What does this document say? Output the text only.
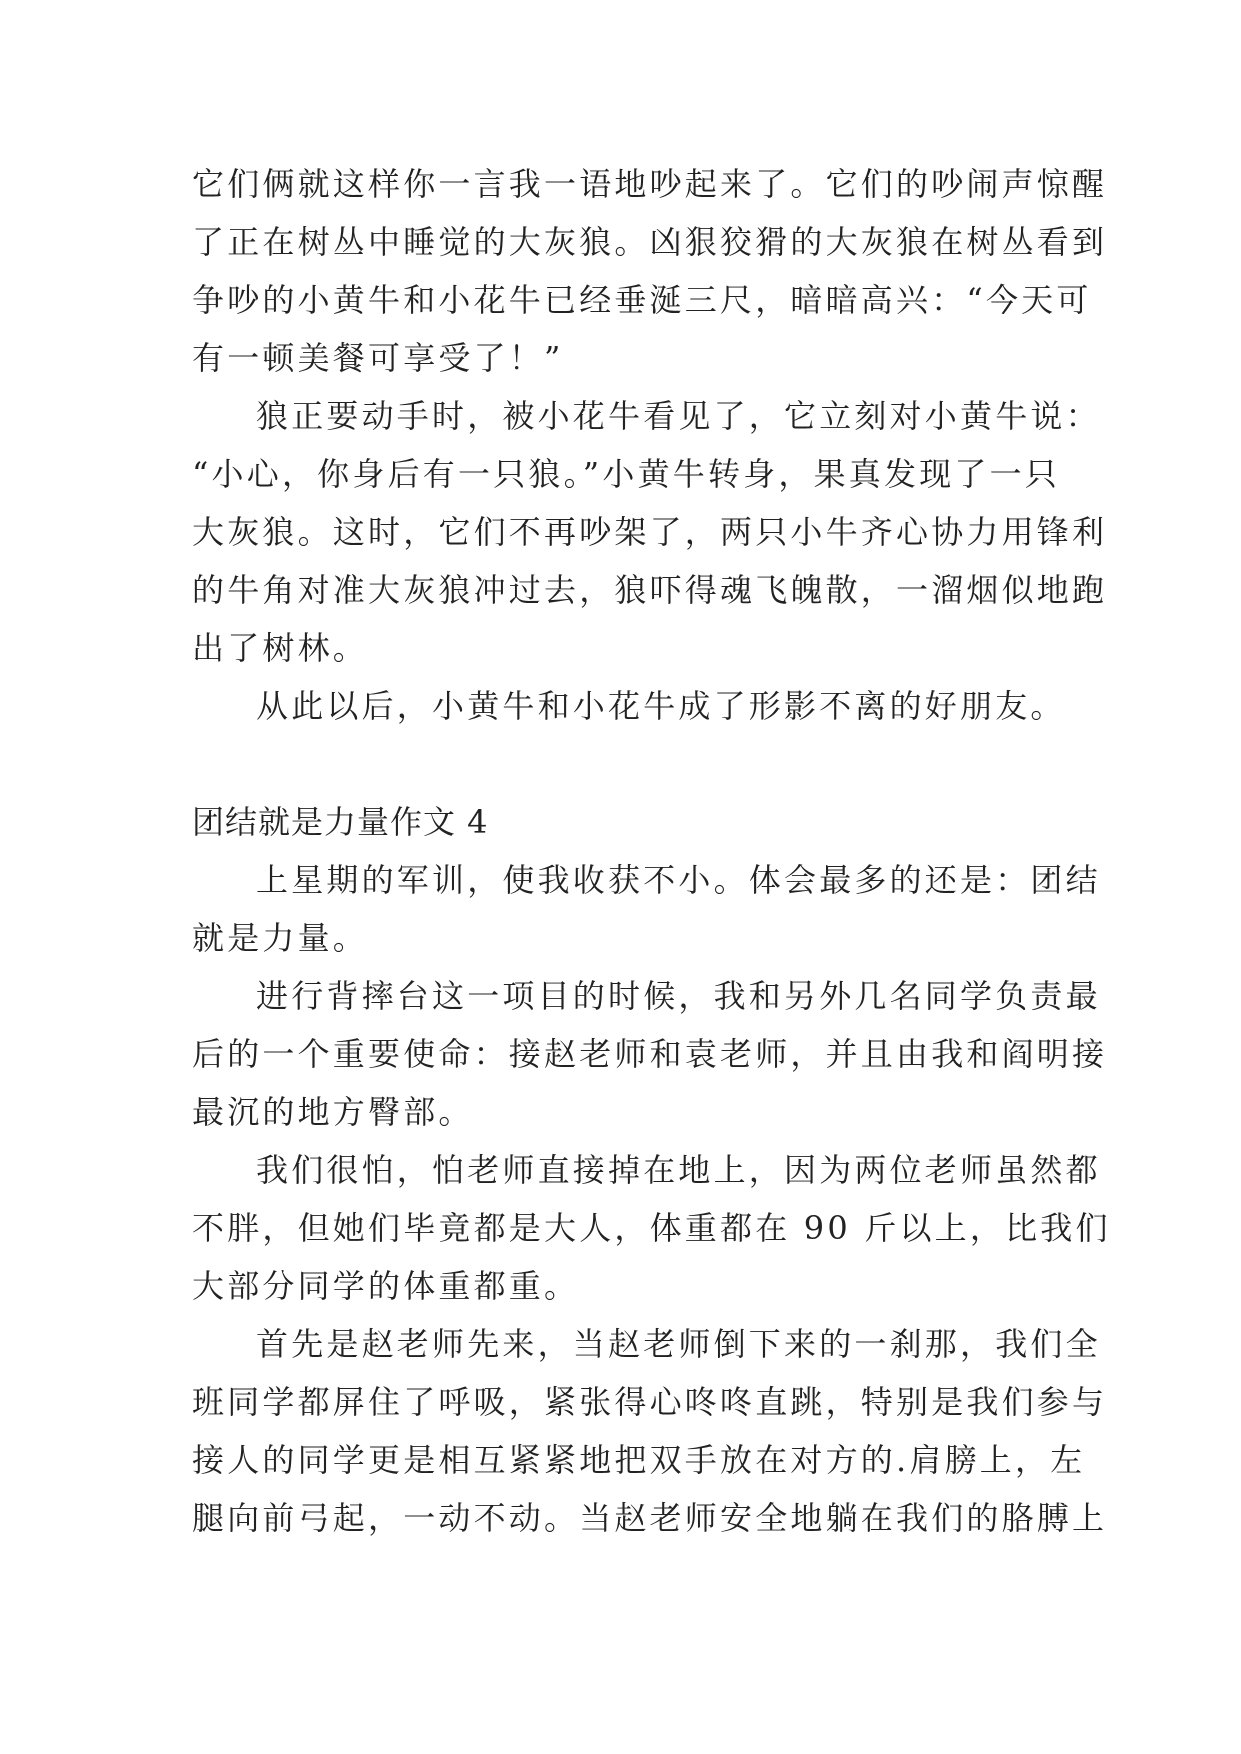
它们俩就这样你一言我一语地吵起来了。它们的吵闹声惊醒
了正在树丛中睡觉的大灰狼。凶狠狡猾的大灰狼在树丛看到
争吵的小黄牛和小花牛已经垂涎三尺，暗暗高兴：“今天可
有一顿美餐可享受了！”
狼正要动手时，被小花牛看见了，它立刻对小黄牛说：
“小心，你身后有一只狼。”小黄牛转身，果真发现了一只
大灰狼。这时，它们不再吵架了，两只小牛齐心协力用锋利
的牛角对准大灰狼冲过去，狼吓得魂飞魄散，一溜烟似地跑
出了树林。
从此以后，小黄牛和小花牛成了形影不离的好朋友。
团结就是力量作文 4
上星期的军训，使我收获不小。体会最多的还是：团结
就是力量。
进行背摔台这一项目的时候，我和另外几名同学负责最
后的一个重要使命：接赵老师和袁老师，并且由我和阎明接
最沉的地方臀部。
我们很怕，怕老师直接掉在地上，因为两位老师虽然都
不胖，但她们毕竟都是大人，体重都在 90 斤以上，比我们
大部分同学的体重都重。
首先是赵老师先来，当赵老师倒下来的一刹那，我们全
班同学都屏住了呼吸，紧张得心咚咚直跳，特别是我们参与
接人的同学更是相互紧紧地把双手放在对方的.肩膀上，左
腿向前弓起，一动不动。当赵老师安全地躺在我们的胳膊上
